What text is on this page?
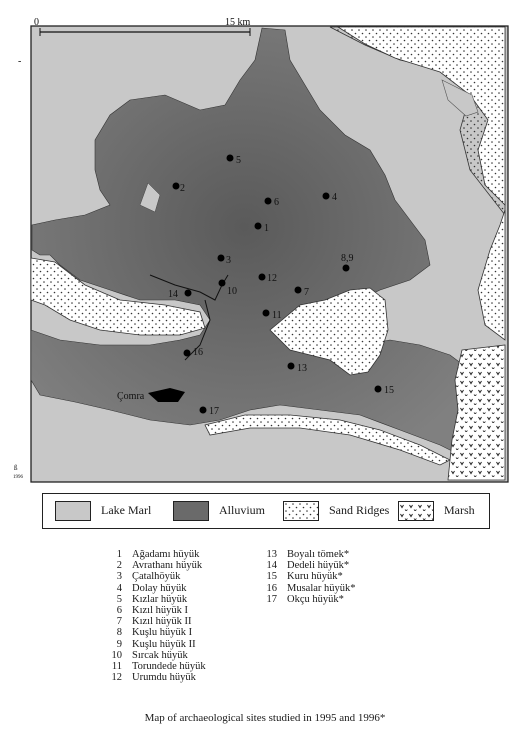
Çomra
0	15 km
-
1
2
3
4
5
6
7
8,9
10
11
12
13
14
15
16
17
ß
1996
Lake Marl	Alluvium	Sand Ridges	Marsh
1 Ağadamı hüyük
2 Avrathanı hüyük
3 Çatalhöyük
4 Dolay hüyük
5 Kızlar hüyük
6 Kızıl hüyük I
7 Kızıl hüyük II
8 Kuşlu hüyük I
9 Kuşlu hüyük II
10 Sırcak hüyük
11 Torundede hüyük
12 Urumdu hüyük
13 Boyalı tömek*
14 Dedeli hüyük*
15 Kuru hüyük*
16 Musalar hüyük*
17 Okçu hüyük*
Map of archaeological sites studied in 1995 and 1996*
